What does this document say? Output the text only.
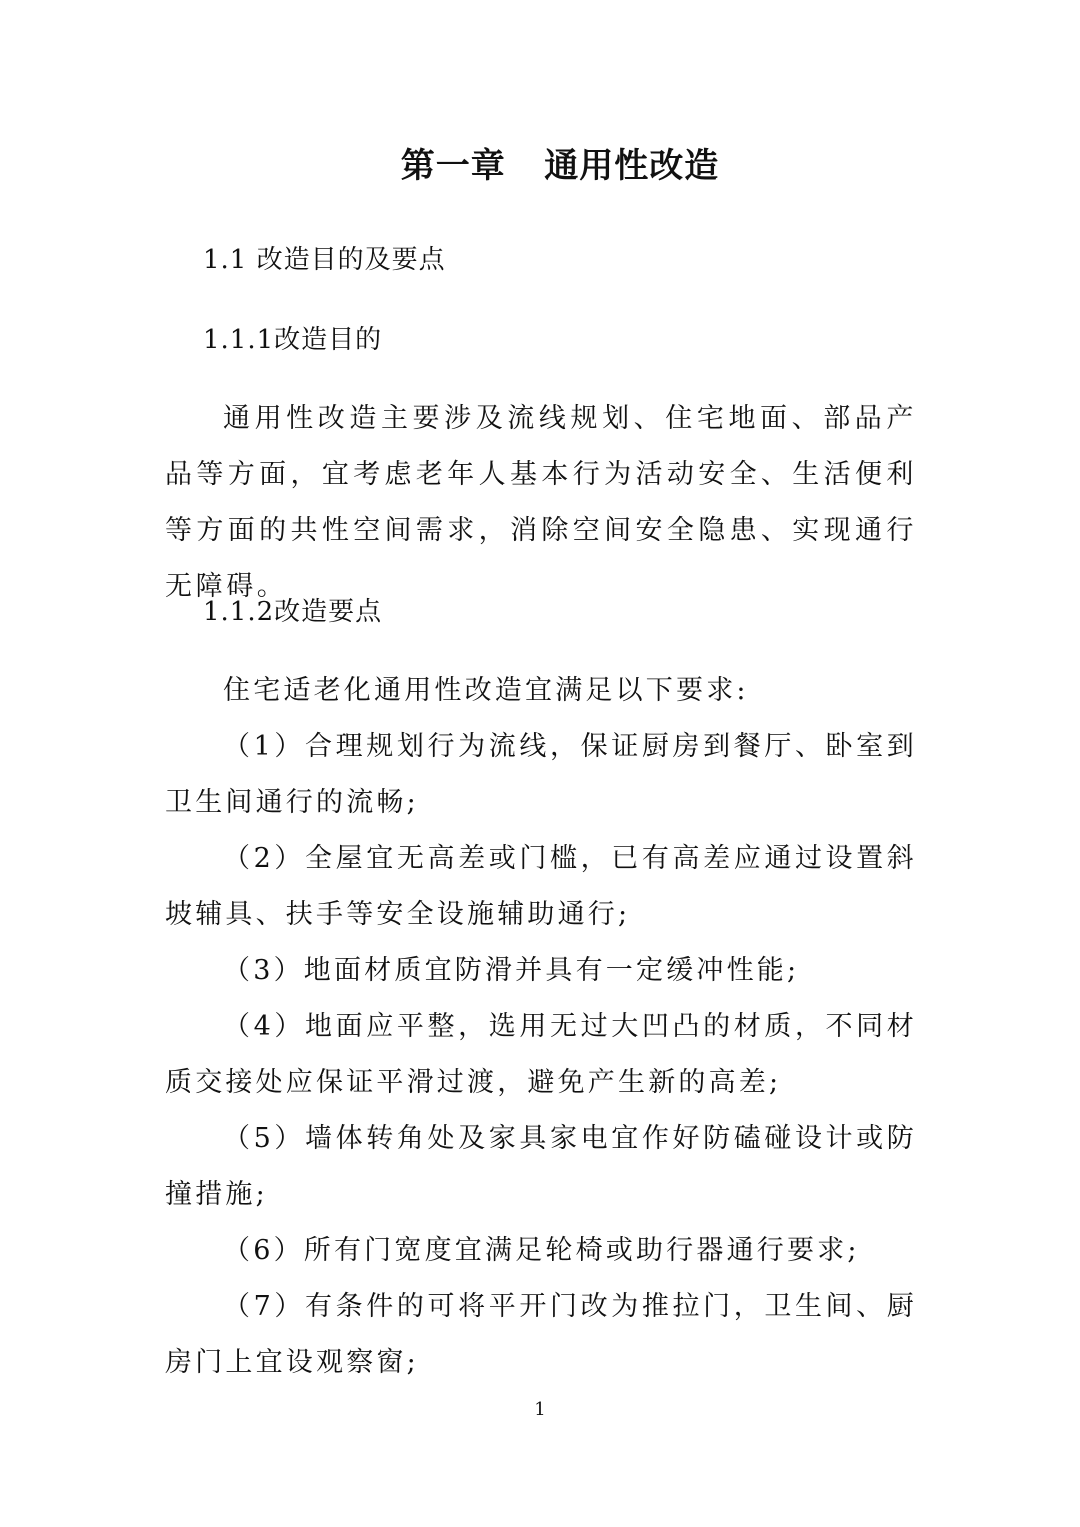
第一章   通用性改造
1.1 改造目的及要点
1.1.1改造目的
通用性改造主要涉及流线规划、住宅地面、部品产品等方面，宜考虑老年人基本行为活动安全、生活便利等方面的共性空间需求，消除空间安全隐患、实现通行无障碍。
1.1.2改造要点

住宅适老化通用性改造宜满足以下要求:

（1）合理规划行为流线，保证厨房到餐厅、卧室到卫生间通行的流畅;

（2）全屋宜无高差或门槛，已有高差应通过设置斜坡辅具、扶手等安全设施辅助通行;

（3）地面材质宜防滑并具有一定缓冲性能;

（4）地面应平整，选用无过大凹凸的材质，不同材质交接处应保证平滑过渡，避免产生新的高差;

（5）墙体转角处及家具家电宜作好防磕碰设计或防撞措施;

（6）所有门宽度宜满足轮椅或助行器通行要求;

（7）有条件的可将平开门改为推拉门，卫生间、厨房门上宜设观察窗;

1
